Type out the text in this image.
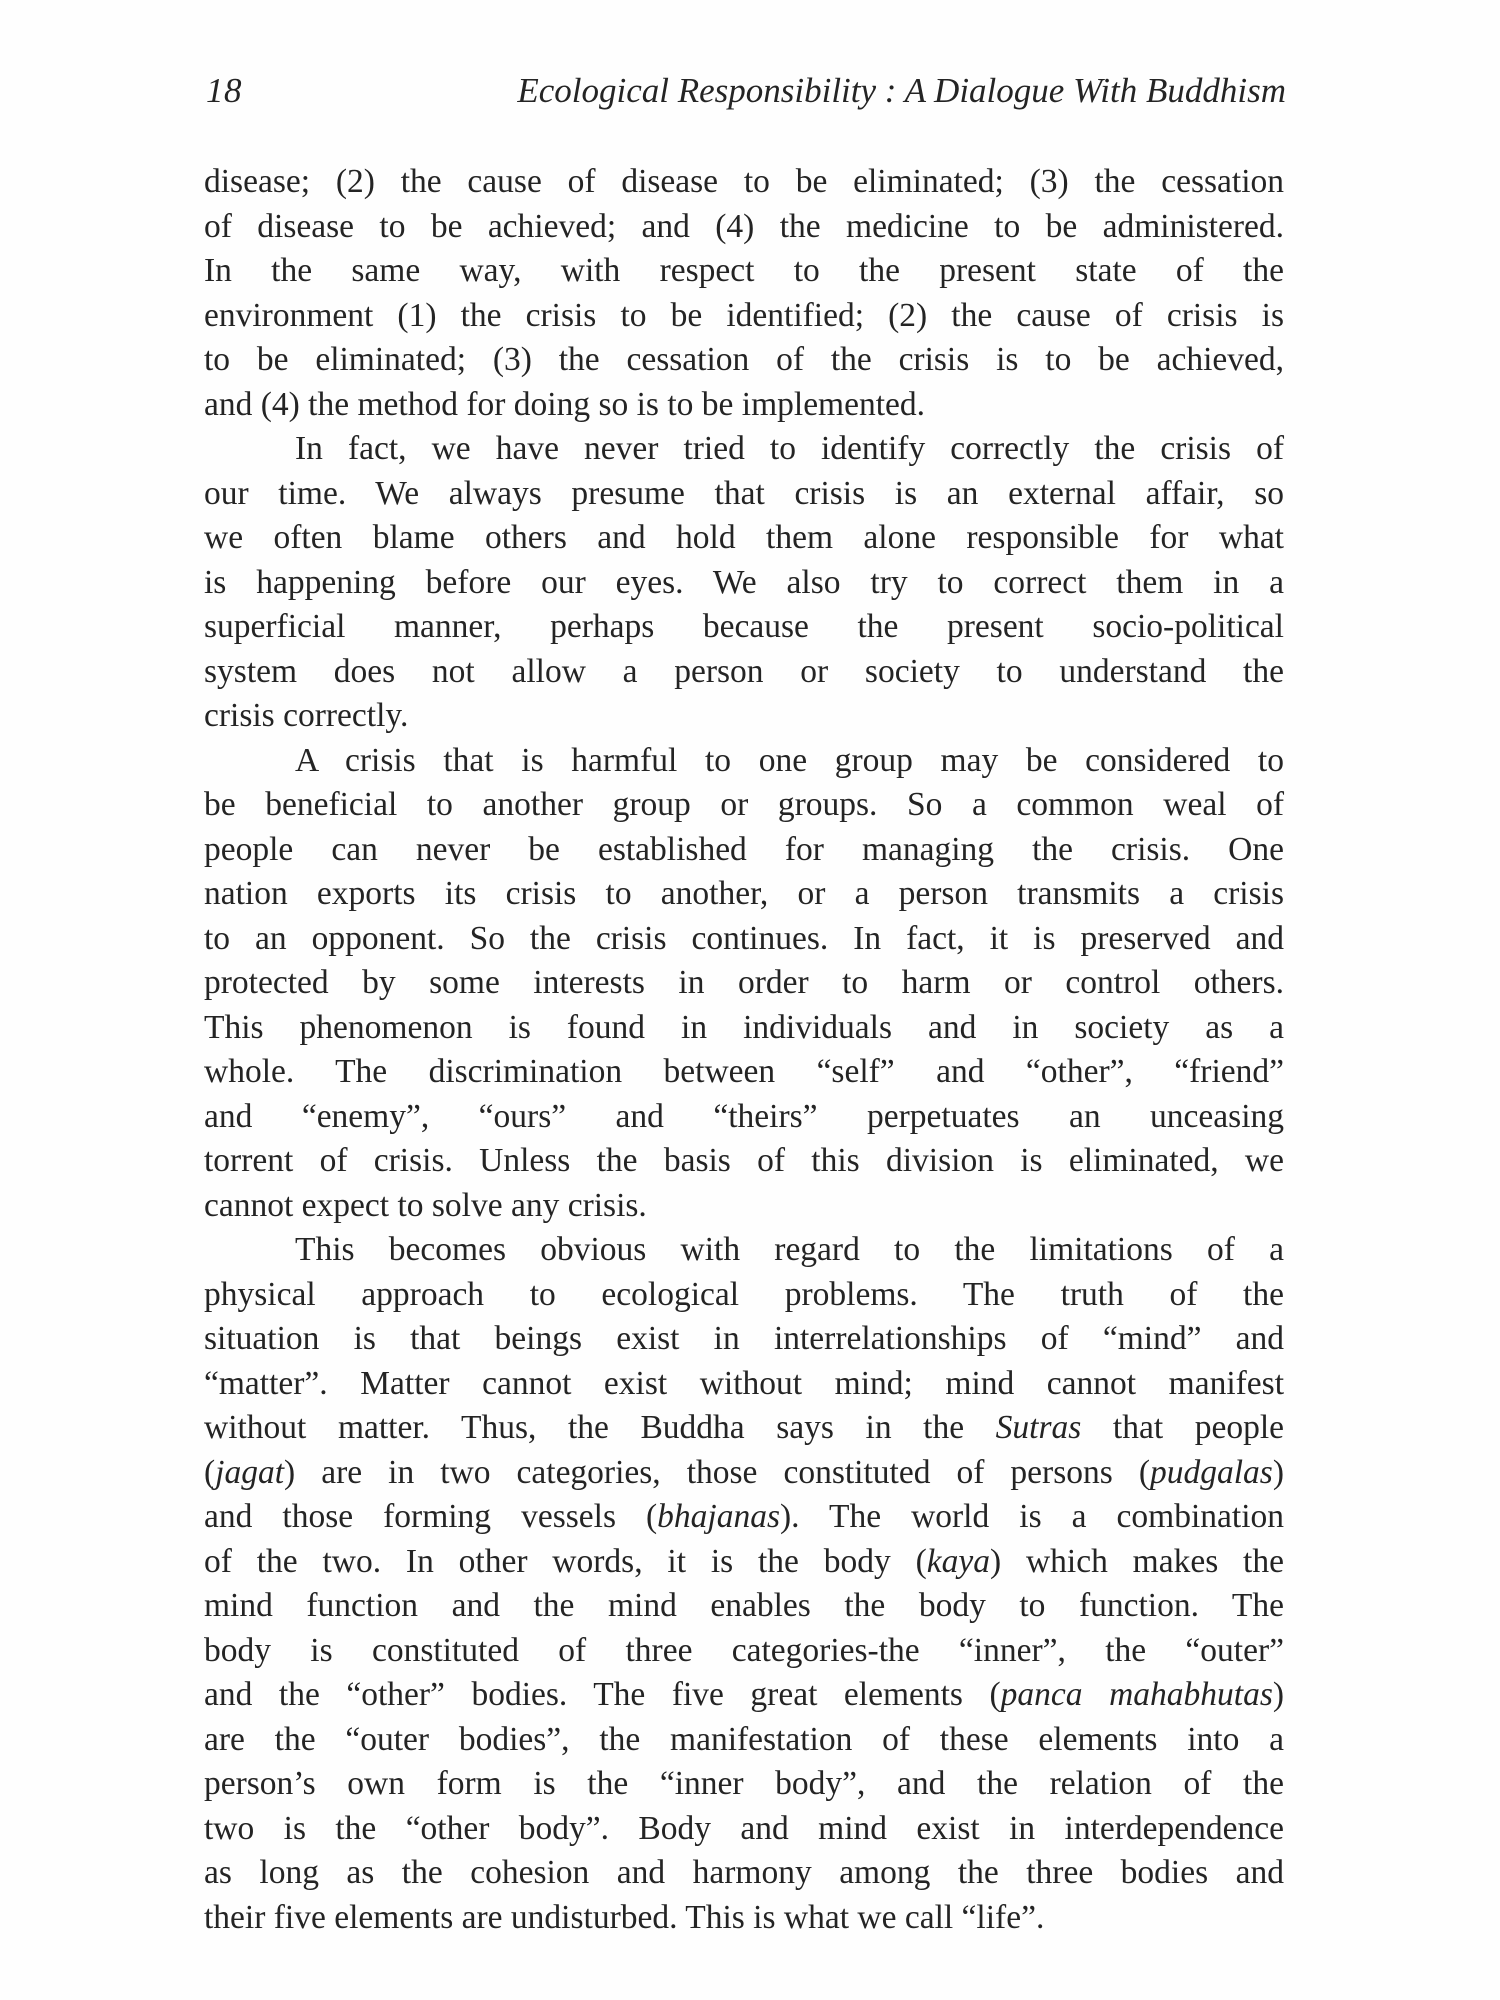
18	Ecological Responsibility : A Dialogue With Buddhism
disease; (2) the cause of disease to be eliminated; (3) the cessation
of disease to be achieved; and (4) the medicine to be administered.
In the same way, with respect to the present state of the
environment (1) the crisis to be identified; (2) the cause of crisis is
to be eliminated; (3) the cessation of the crisis is to be achieved,
and (4) the method for doing so is to be implemented.
In fact, we have never tried to identify correctly the crisis of
our time. We always presume that crisis is an external affair, so
we often blame others and hold them alone responsible for what
is happening before our eyes. We also try to correct them in a
superficial manner, perhaps because the present socio-political
system does not allow a person or society to understand the
crisis correctly.
A crisis that is harmful to one group may be considered to
be beneficial to another group or groups. So a common weal of
people can never be established for managing the crisis. One
nation exports its crisis to another, or a person transmits a crisis
to an opponent. So the crisis continues. In fact, it is preserved and
protected by some interests in order to harm or control others.
This phenomenon is found in individuals and in society as a
whole. The discrimination between “self” and “other”, “friend”
and “enemy”, “ours” and “theirs” perpetuates an unceasing
torrent of crisis. Unless the basis of this division is eliminated, we
cannot expect to solve any crisis.
This becomes obvious with regard to the limitations of a
physical approach to ecological problems. The truth of the
situation is that beings exist in interrelationships of “mind” and
“matter”. Matter cannot exist without mind; mind cannot manifest
without matter. Thus, the Buddha says in the Sutras that people
(jagat) are in two categories, those constituted of persons (pudgalas)
and those forming vessels (bhajanas). The world is a combination
of the two. In other words, it is the body (kaya) which makes the
mind function and the mind enables the body to function. The
body is constituted of three categories-the “inner”, the “outer”
and the “other” bodies. The five great elements (panca mahabhutas)
are the “outer bodies”, the manifestation of these elements into a
person’s own form is the “inner body”, and the relation of the
two is the “other body”. Body and mind exist in interdependence
as long as the cohesion and harmony among the three bodies and
their five elements are undisturbed. This is what we call “life”.
